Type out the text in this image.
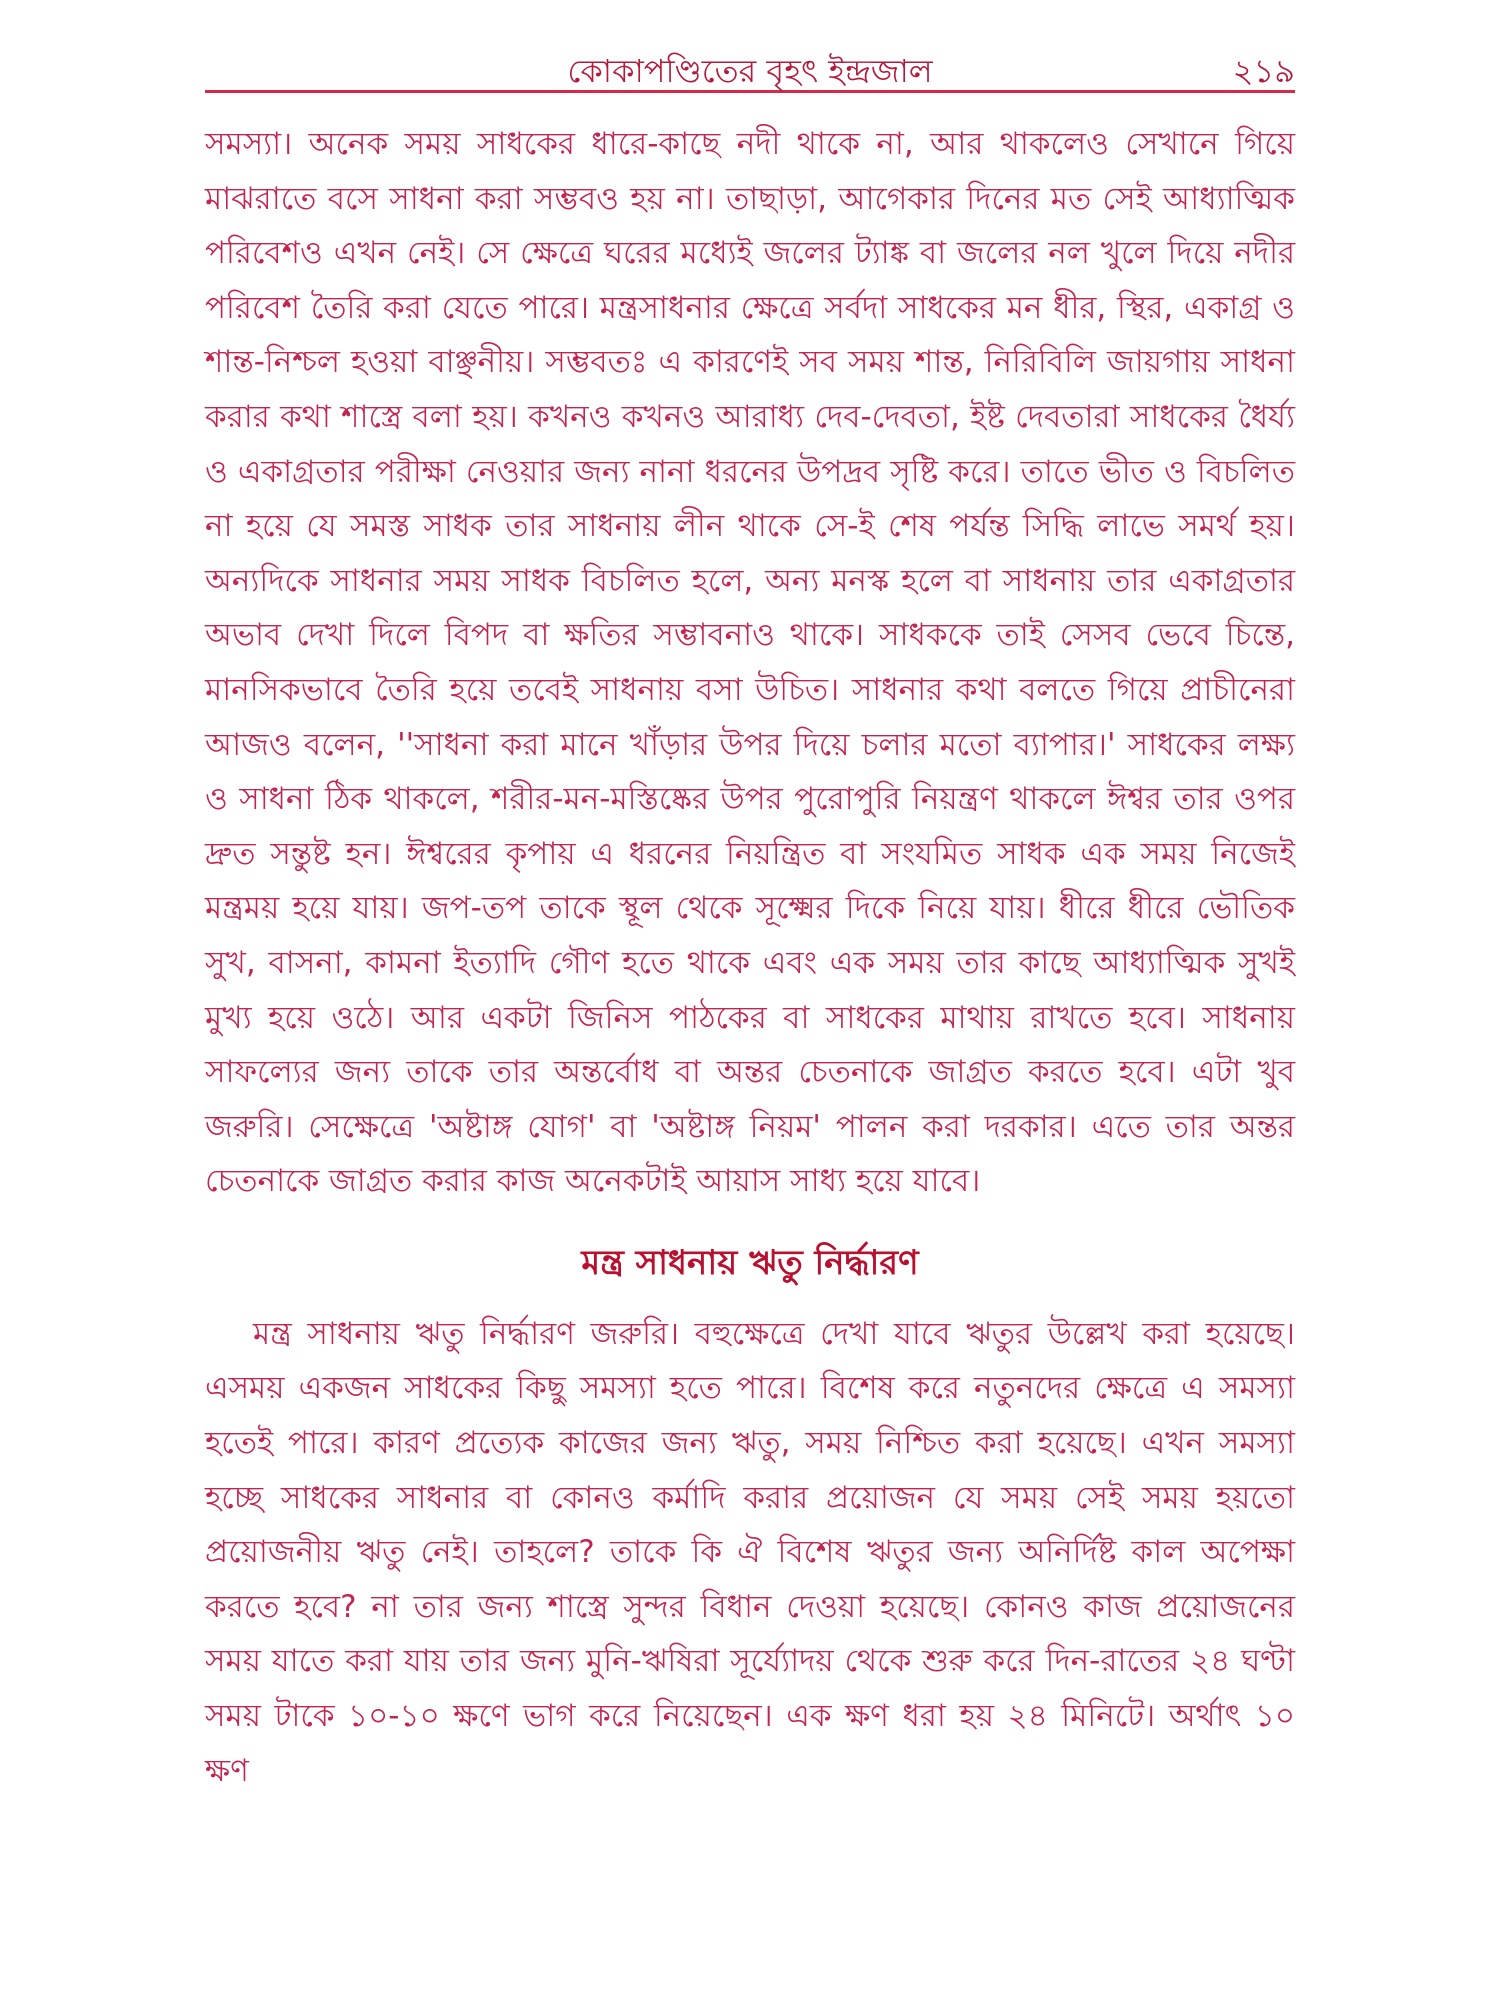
কোকাপণ্ডিতের বৃহৎ ইন্দ্রজাল	২১৯

সমস্যা। অনেক সময় সাধকের ধারে-কাছে নদী থাকে না, আর থাকলেও সেখানে গিয়ে মাঝরাতে বসে সাধনা করা সম্ভবও হয় না। তাছাড়া, আগেকার দিনের মত সেই আধ্যাত্মিক পরিবেশও এখন নেই। সে ক্ষেত্রে ঘরের মধ্যেই জলের ট্যাঙ্ক বা জলের নল খুলে দিয়ে নদীর পরিবেশ তৈরি করা যেতে পারে। মন্ত্রসাধনার ক্ষেত্রে সর্বদা সাধকের মন ধীর, স্থির, একাগ্র ও শান্ত-নিশ্চল হওয়া বাঞ্ছনীয়। সম্ভবতঃ এ কারণেই সব সময় শান্ত, নিরিবিলি জায়গায় সাধনা করার কথা শাস্ত্রে বলা হয়। কখনও কখনও আরাধ্য দেব-দেবতা, ইষ্ট দেবতারা সাধকের ধৈর্য্য ও একাগ্রতার পরীক্ষা নেওয়ার জন্য নানা ধরনের উপদ্রব সৃষ্টি করে। তাতে ভীত ও বিচলিত না হয়ে যে সমস্ত সাধক তার সাধনায় লীন থাকে সে-ই শেষ পর্যন্ত সিদ্ধি লাভে সমর্থ হয়। অন্যদিকে সাধনার সময় সাধক বিচলিত হলে, অন্য মনস্ক হলে বা সাধনায় তার একাগ্রতার অভাব দেখা দিলে বিপদ বা ক্ষতির সম্ভাবনাও থাকে। সাধককে তাই সেসব ভেবে চিন্তে, মানসিকভাবে তৈরি হয়ে তবেই সাধনায় বসা উচিত। সাধনার কথা বলতে গিয়ে প্রাচীনেরা আজও বলেন, ''সাধনা করা মানে খাঁড়ার উপর দিয়ে চলার মতো ব্যাপার।' সাধকের লক্ষ্য ও সাধনা ঠিক থাকলে, শরীর-মন-মস্তিষ্কের উপর পুরোপুরি নিয়ন্ত্রণ থাকলে ঈশ্বর তার ওপর দ্রুত সন্তুষ্ট হন। ঈশ্বরের কৃপায় এ ধরনের নিয়ন্ত্রিত বা সংযমিত সাধক এক সময় নিজেই মন্ত্রময় হয়ে যায়। জপ-তপ তাকে স্থূল থেকে সূক্ষ্মের দিকে নিয়ে যায়। ধীরে ধীরে ভৌতিক সুখ, বাসনা, কামনা ইত্যাদি গৌণ হতে থাকে এবং এক সময় তার কাছে আধ্যাত্মিক সুখই মুখ্য হয়ে ওঠে। আর একটা জিনিস পাঠকের বা সাধকের মাথায় রাখতে হবে। সাধনায় সাফল্যের জন্য তাকে তার অন্তর্বোধ বা অন্তর চেতনাকে জাগ্রত করতে হবে। এটা খুব জরুরি। সেক্ষেত্রে 'অষ্টাঙ্গ যোগ' বা 'অষ্টাঙ্গ নিয়ম' পালন করা দরকার। এতে তার অন্তর চেতনাকে জাগ্রত করার কাজ অনেকটাই আয়াস সাধ্য হয়ে যাবে।

মন্ত্র সাধনায় ঋতু নির্দ্ধারণ

মন্ত্র সাধনায় ঋতু নির্দ্ধারণ জরুরি। বহুক্ষেত্রে দেখা যাবে ঋতুর উল্লেখ করা হয়েছে। এসময় একজন সাধকের কিছু সমস্যা হতে পারে। বিশেষ করে নতুনদের ক্ষেত্রে এ সমস্যা হতেই পারে। কারণ প্রত্যেক কাজের জন্য ঋতু, সময় নিশ্চিত করা হয়েছে। এখন সমস্যা হচ্ছে সাধকের সাধনার বা কোনও কর্মাদি করার প্রয়োজন যে সময় সেই সময় হয়তো প্রয়োজনীয় ঋতু নেই। তাহলে? তাকে কি ঐ বিশেষ ঋতুর জন্য অনির্দিষ্ট কাল অপেক্ষা করতে হবে? না তার জন্য শাস্ত্রে সুন্দর বিধান দেওয়া হয়েছে। কোনও কাজ প্রয়োজনের সময় যাতে করা যায় তার জন্য মুনি-ঋষিরা সূর্য্যোদয় থেকে শুরু করে দিন-রাতের ২৪ ঘণ্টা সময় টাকে ১০-১০ ক্ষণে ভাগ করে নিয়েছেন। এক ক্ষণ ধরা হয় ২৪ মিনিটে। অর্থাৎ ১০ ক্ষণ
